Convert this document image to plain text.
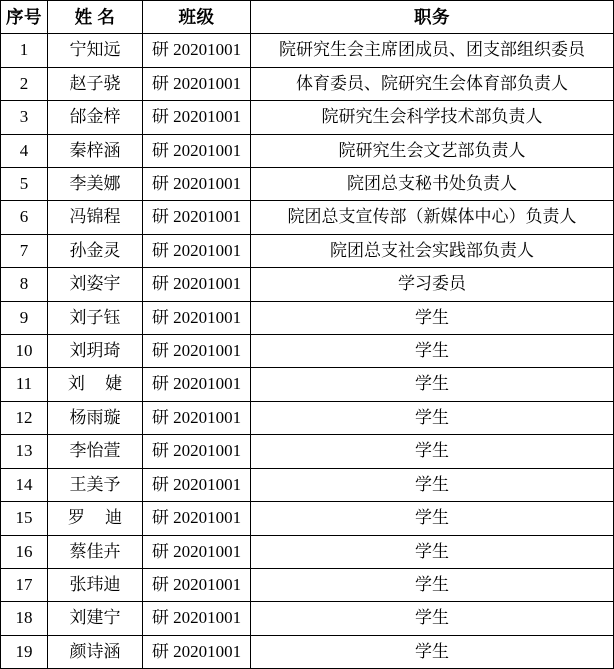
序号	姓 名	班级	职务
1	宁知远	研 20201001	院研究生会主席团成员、团支部组织委员
2	赵子骁	研 20201001	体育委员、院研究生会体育部负责人
3	邰金梓	研 20201001	院研究生会科学技术部负责人
4	秦梓涵	研 20201001	院研究生会文艺部负责人
5	李美娜	研 20201001	院团总支秘书处负责人
6	冯锦程	研 20201001	院团总支宣传部（新媒体中心）负责人
7	孙金灵	研 20201001	院团总支社会实践部负责人
8	刘姿宇	研 20201001	学习委员
9	刘子钰	研 20201001	学生
10	刘玥琦	研 20201001	学生
11	刘 婕	研 20201001	学生
12	杨雨璇	研 20201001	学生
13	李怡萱	研 20201001	学生
14	王美予	研 20201001	学生
15	罗 迪	研 20201001	学生
16	蔡佳卉	研 20201001	学生
17	张玮迪	研 20201001	学生
18	刘建宁	研 20201001	学生
19	颜诗涵	研 20201001	学生
